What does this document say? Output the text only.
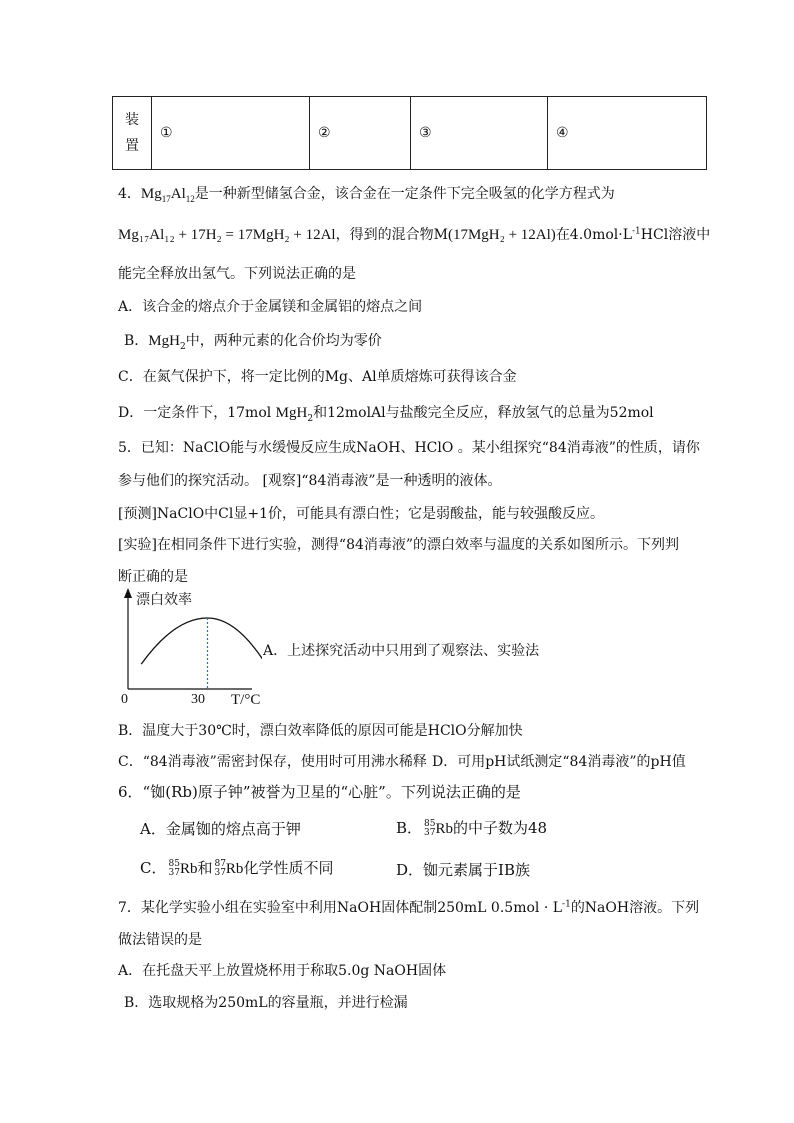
装
置	①	②	③	④
4．$Mg_{17}Al_{12}$是一种新型储氢合金，该合金在一定条件下完全吸氢的化学方程式为
Mg₁₇Al₁₂ + 17H₂ = 17MgH₂ + 12Al，得到的混合物M(17MgH₂ + 12Al)在$4.0mol\cdot L^{-1}HCl$溶液中
能完全释放出氢气。下列说法正确的是
A．该合金的熔点介于金属镁和金属铝的熔点之间
B．MgH$_2$中，两种元素的化合价均为零价
C．在氮气保护下，将一定比例的Mg、Al单质熔炼可获得该合金
D．一定条件下，17mol MgH$_2$和12molAl与盐酸完全反应，释放氢气的总量为52mol
5．已知：NaClO能与水缓慢反应生成NaOH、HClO 。某小组探究“84消毒液”的性质，请你
参与他们的探究活动。 [观察]“84消毒液”是一种透明的液体。
[预测]NaClO中Cl显+1价，可能具有漂白性；它是弱酸盐，能与较强酸反应。
[实验]在相同条件下进行实验，测得“84消毒液”的漂白效率与温度的关系如图所示。下列判
断正确的是
漂白效率
0	30 T/°C
A．上述探究活动中只用到了观察法、实验法
B．温度大于30℃时，漂白效率降低的原因可能是HClO分解加快
C．“84消毒液”需密封保存，使用时可用沸水稀释 D．可用pH试纸测定“84消毒液”的pH值
6．“铷(Rb)原子钟”被誉为卫星的“心脏”。下列说法正确的是
A．金属铷的熔点高于钾	B． 85
37Rb的中子数为48
C． 85
37Rb和 87
37Rb化学性质不同	D．铷元素属于ⅠB族
7．某化学实验小组在实验室中利用NaOH固体配制250mL $0.5mol \cdot L^{-1}$的NaOH溶液。下列
做法错误的是
A．在托盘天平上放置烧杯用于称取5.0g NaOH固体
B．选取规格为250mL的容量瓶，并进行检漏
